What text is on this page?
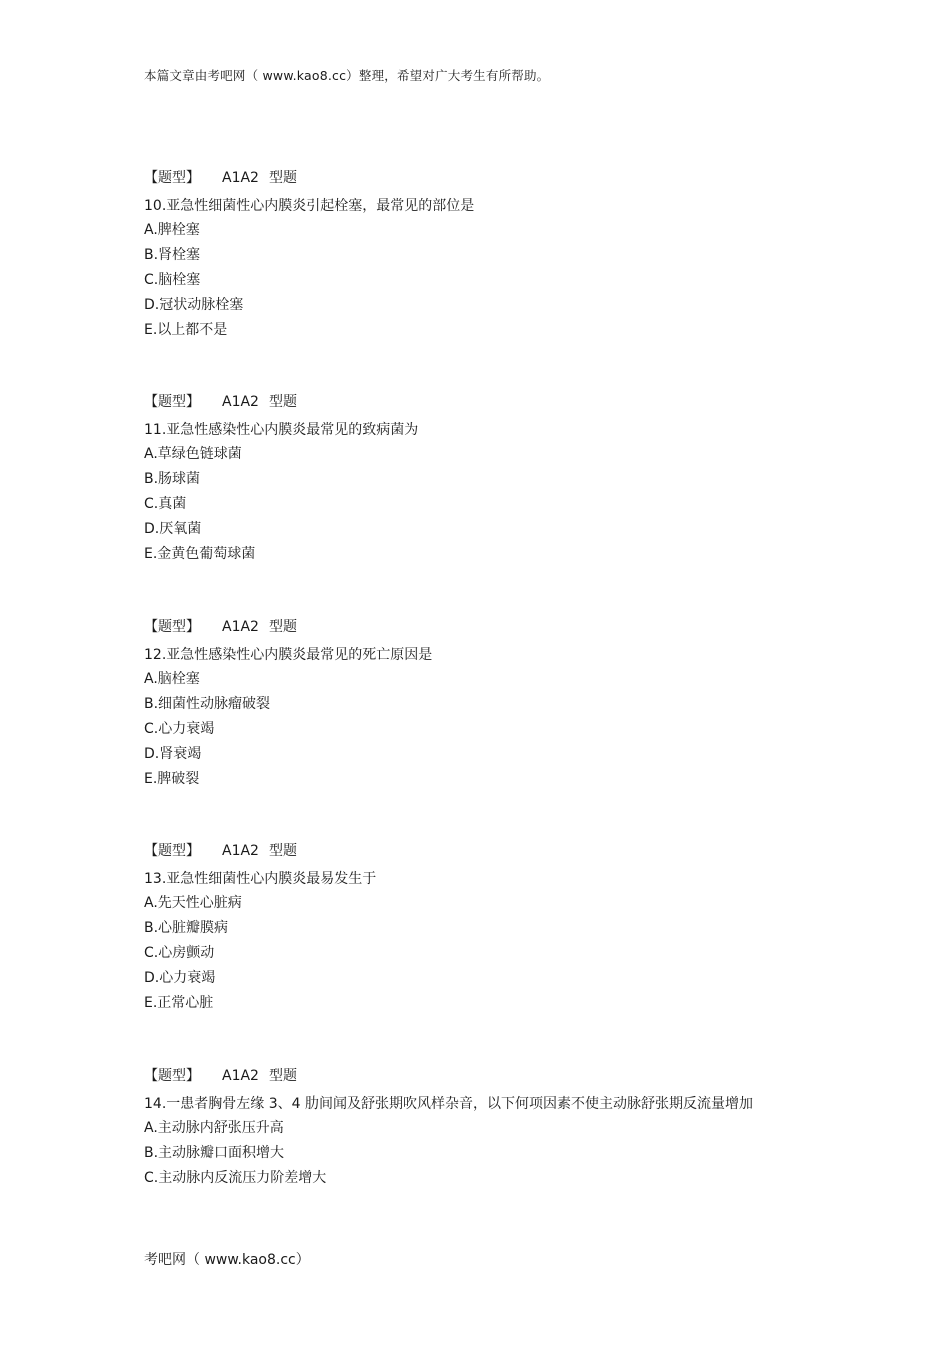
本篇文章由考吧网（ www.kao8.cc）整理，希望对广大考生有所帮助。
【题型】 A1A2 型题
10.亚急性细菌性心内膜炎引起栓塞，最常见的部位是
A.脾栓塞
B.肾栓塞
C.脑栓塞
D.冠状动脉栓塞
E.以上都不是
【题型】 A1A2 型题
11.亚急性感染性心内膜炎最常见的致病菌为
A.草绿色链球菌
B.肠球菌
C.真菌
D.厌氧菌
E.金黄色葡萄球菌
【题型】 A1A2 型题
12.亚急性感染性心内膜炎最常见的死亡原因是
A.脑栓塞
B.细菌性动脉瘤破裂
C.心力衰竭
D.肾衰竭
E.脾破裂
【题型】 A1A2 型题
13.亚急性细菌性心内膜炎最易发生于
A.先天性心脏病
B.心脏瓣膜病
C.心房颤动
D.心力衰竭
E.正常心脏
【题型】 A1A2 型题
14.一患者胸骨左缘 3、4 肋间闻及舒张期吹风样杂音，以下何项因素不使主动脉舒张期反流量增加
A.主动脉内舒张压升高
B.主动脉瓣口面积增大
C.主动脉内反流压力阶差增大
考吧网（ www.kao8.cc）
